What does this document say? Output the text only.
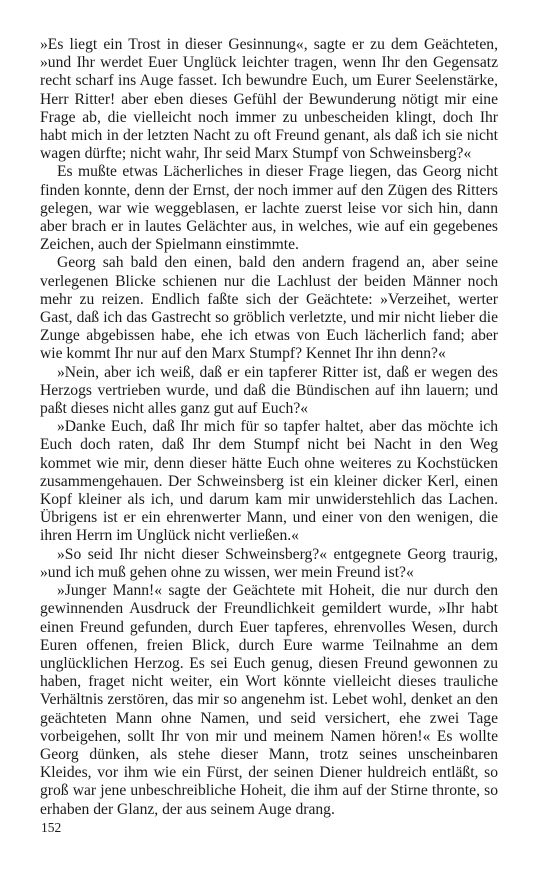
»Es liegt ein Trost in dieser Gesinnung«, sagte er zu dem Geächteten, »und Ihr werdet Euer Unglück leichter tragen, wenn Ihr den Gegensatz recht scharf ins Auge fasset. Ich bewundre Euch, um Eurer Seelenstärke, Herr Ritter! aber eben dieses Gefühl der Bewunderung nötigt mir eine Frage ab, die vielleicht noch immer zu unbescheiden klingt, doch Ihr habt mich in der letzten Nacht zu oft Freund genant, als daß ich sie nicht wagen dürfte; nicht wahr, Ihr seid Marx Stumpf von Schweinsberg?«

Es mußte etwas Lächerliches in dieser Frage liegen, das Georg nicht finden konnte, denn der Ernst, der noch immer auf den Zügen des Ritters gelegen, war wie weggeblasen, er lachte zuerst leise vor sich hin, dann aber brach er in lautes Gelächter aus, in welches, wie auf ein gegebenes Zeichen, auch der Spielmann einstimmte.

Georg sah bald den einen, bald den andern fragend an, aber seine verlegenen Blicke schienen nur die Lachlust der beiden Männer noch mehr zu reizen. Endlich faßte sich der Geächtete: »Verzeihet, werter Gast, daß ich das Gastrecht so gröblich verletzte, und mir nicht lieber die Zunge abgebissen habe, ehe ich etwas von Euch lächerlich fand; aber wie kommt Ihr nur auf den Marx Stumpf? Kennet Ihr ihn denn?«

»Nein, aber ich weiß, daß er ein tapferer Ritter ist, daß er wegen des Herzogs vertrieben wurde, und daß die Bündischen auf ihn lauern; und paßt dieses nicht alles ganz gut auf Euch?«

»Danke Euch, daß Ihr mich für so tapfer haltet, aber das möchte ich Euch doch raten, daß Ihr dem Stumpf nicht bei Nacht in den Weg kommet wie mir, denn dieser hätte Euch ohne weiteres zu Kochstücken zusammengehauen. Der Schweinsberg ist ein kleiner dicker Kerl, einen Kopf kleiner als ich, und darum kam mir unwiderstehlich das Lachen. Übrigens ist er ein ehrenwerter Mann, und einer von den wenigen, die ihren Herrn im Unglück nicht verließen.«

»So seid Ihr nicht dieser Schweinsberg?« entgegnete Georg traurig, »und ich muß gehen ohne zu wissen, wer mein Freund ist?«

»Junger Mann!« sagte der Geächtete mit Hoheit, die nur durch den gewinnenden Ausdruck der Freundlichkeit gemildert wurde, »Ihr habt einen Freund gefunden, durch Euer tapferes, ehrenvolles Wesen, durch Euren offenen, freien Blick, durch Eure warme Teilnahme an dem unglücklichen Herzog. Es sei Euch genug, diesen Freund gewonnen zu haben, fraget nicht weiter, ein Wort könnte vielleicht dieses trauliche Verhältnis zerstören, das mir so angenehm ist. Lebet wohl, denket an den geächteten Mann ohne Namen, und seid versichert, ehe zwei Tage vorbeigehen, sollt Ihr von mir und meinem Namen hören!« Es wollte Georg dünken, als stehe dieser Mann, trotz seines unscheinbaren Kleides, vor ihm wie ein Fürst, der seinen Diener huldreich entläßt, so groß war jene unbeschreibliche Hoheit, die ihm auf der Stirne thronte, so erhaben der Glanz, der aus seinem Auge drang.

152
